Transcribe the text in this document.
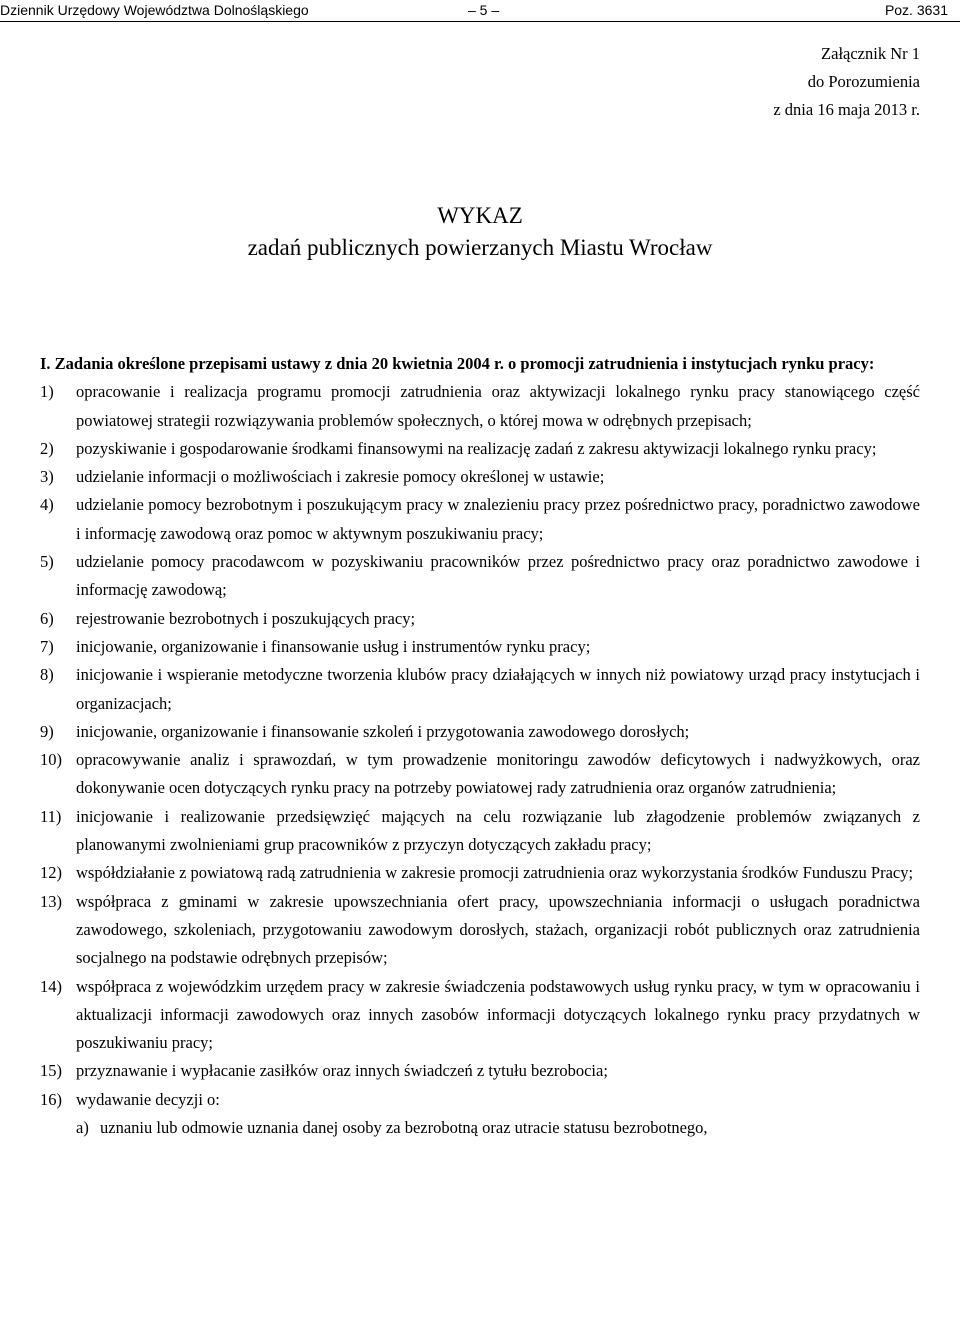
Dziennik Urzędowy Województwa Dolnośląskiego	– 5 –	Poz. 3631
Załącznik Nr 1
do Porozumienia
z dnia 16 maja 2013 r.
WYKAZ
zadań publicznych powierzanych Miastu Wrocław

I. Zadania określone przepisami ustawy z dnia 20 kwietnia 2004 r. o promocji zatrudnienia i instytucjach rynku pracy:

1)	opracowanie i realizacja programu promocji zatrudnienia oraz aktywizacji lokalnego rynku pracy stanowiącego część powiatowej strategii rozwiązywania problemów społecznych, o której mowa w odrębnych przepisach;
2)	pozyskiwanie i gospodarowanie środkami finansowymi na realizację zadań z zakresu aktywizacji lokalnego rynku pracy;
3)	udzielanie informacji o możliwościach i zakresie pomocy określonej w ustawie;
4)	udzielanie pomocy bezrobotnym i poszukującym pracy w znalezieniu pracy przez pośrednictwo pracy, poradnictwo zawodowe i informację zawodową oraz pomoc w aktywnym poszukiwaniu pracy;
5)	udzielanie pomocy pracodawcom w pozyskiwaniu pracowników przez pośrednictwo pracy oraz poradnictwo zawodowe i informację zawodową;
6)	rejestrowanie bezrobotnych i poszukujących pracy;
7)	inicjowanie, organizowanie i finansowanie usług i instrumentów rynku pracy;
8)	inicjowanie i wspieranie metodyczne tworzenia klubów pracy działających w innych niż powiatowy urząd pracy instytucjach i organizacjach;
9)	inicjowanie, organizowanie i finansowanie szkoleń i przygotowania zawodowego dorosłych;
10) opracowywanie analiz i sprawozdań, w tym prowadzenie monitoringu zawodów deficytowych i nadwyżkowych, oraz dokonywanie ocen dotyczących rynku pracy na potrzeby powiatowej rady zatrudnienia oraz organów zatrudnienia;
11) inicjowanie i realizowanie przedsięwzięć mających na celu rozwiązanie lub złagodzenie problemów związanych z planowanymi zwolnieniami grup pracowników z przyczyn dotyczących zakładu pracy;
12) współdziałanie z powiatową radą zatrudnienia w zakresie promocji zatrudnienia oraz wykorzystania środków Funduszu Pracy;
13) współpraca z gminami w zakresie upowszechniania ofert pracy, upowszechniania informacji o usługach poradnictwa zawodowego, szkoleniach, przygotowaniu zawodowym dorosłych, stażach, organizacji robót publicznych oraz zatrudnienia socjalnego na podstawie odrębnych przepisów;
14) współpraca z wojewódzkim urzędem pracy w zakresie świadczenia podstawowych usług rynku pracy, w tym w opracowaniu i aktualizacji informacji zawodowych oraz innych zasobów informacji dotyczących lokalnego rynku pracy przydatnych w poszukiwaniu pracy;
15) przyznawanie i wypłacanie zasiłków oraz innych świadczeń z tytułu bezrobocia;
16) wydawanie decyzji o:
a) uznaniu lub odmowie uznania danej osoby za bezrobotną oraz utracie statusu bezrobotnego,
